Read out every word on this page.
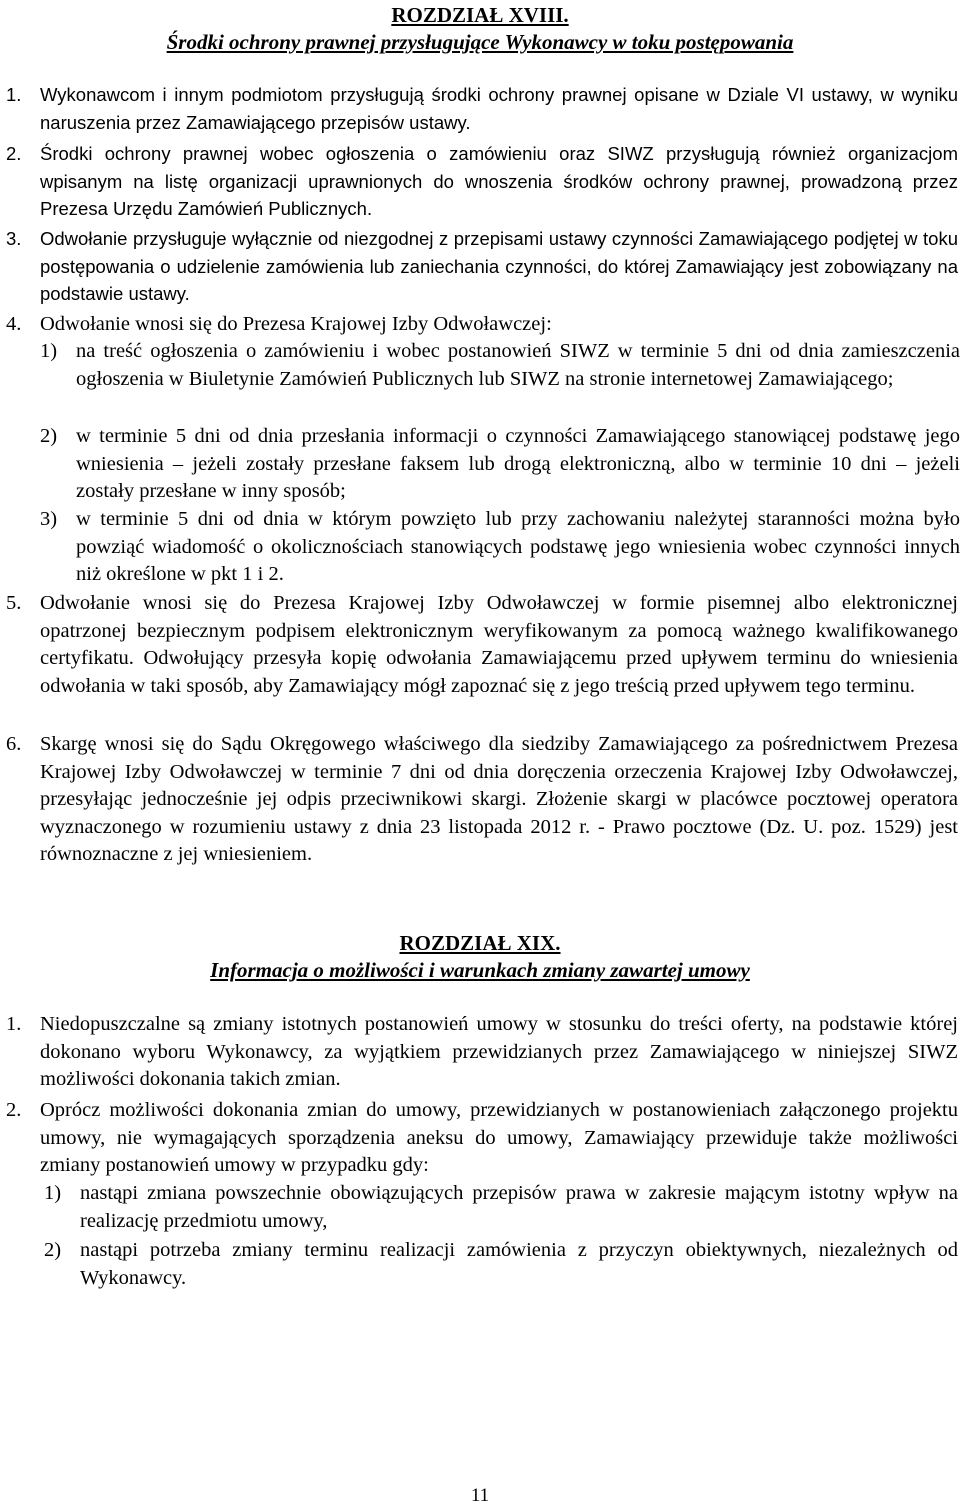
ROZDZIAŁ XVIII.
Środki ochrony prawnej przysługujące Wykonawcy w toku postępowania
1. Wykonawcom i innym podmiotom przysługują środki ochrony prawnej opisane w Dziale VI ustawy, w wyniku naruszenia przez Zamawiającego przepisów ustawy.
2. Środki ochrony prawnej wobec ogłoszenia o zamówieniu oraz SIWZ przysługują również organizacjom wpisanym na listę organizacji uprawnionych do wnoszenia środków ochrony prawnej, prowadzoną przez Prezesa Urzędu Zamówień Publicznych.
3. Odwołanie przysługuje wyłącznie od niezgodnej z przepisami ustawy czynności Zamawiającego podjętej w toku postępowania o udzielenie zamówienia lub zaniechania czynności, do której Zamawiający jest zobowiązany na podstawie ustawy.
4. Odwołanie wnosi się do Prezesa Krajowej Izby Odwoławczej:
1) na treść ogłoszenia o zamówieniu i wobec postanowień SIWZ w terminie 5 dni od dnia zamieszczenia ogłoszenia w Biuletynie Zamówień Publicznych lub SIWZ na stronie internetowej Zamawiającego;
2) w terminie 5 dni od dnia przesłania informacji o czynności Zamawiającego stanowiącej podstawę jego wniesienia – jeżeli zostały przesłane faksem lub drogą elektroniczną, albo w terminie 10 dni – jeżeli zostały przesłane w inny sposób;
3) w terminie 5 dni od dnia w którym powzięto lub przy zachowaniu należytej staranności można było powziąć wiadomość o okolicznościach stanowiących podstawę jego wniesienia wobec czynności innych niż określone w pkt 1 i 2.
5. Odwołanie wnosi się do Prezesa Krajowej Izby Odwoławczej w formie pisemnej albo elektronicznej opatrzonej bezpiecznym podpisem elektronicznym weryfikowanym za pomocą ważnego kwalifikowanego certyfikatu. Odwołujący przesyła kopię odwołania Zamawiającemu przed upływem terminu do wniesienia odwołania w taki sposób, aby Zamawiający mógł zapoznać się z jego treścią przed upływem tego terminu.
6. Skargę wnosi się do Sądu Okręgowego właściwego dla siedziby Zamawiającego za pośrednictwem Prezesa Krajowej Izby Odwoławczej w terminie 7 dni od dnia doręczenia orzeczenia Krajowej Izby Odwoławczej, przesyłając jednocześnie jej odpis przeciwnikowi skargi. Złożenie skargi w placówce pocztowej operatora wyznaczonego w rozumieniu ustawy z dnia 23 listopada 2012 r. - Prawo pocztowe (Dz. U. poz. 1529) jest równoznaczne z jej wniesieniem.
ROZDZIAŁ XIX.
Informacja o możliwości i warunkach zmiany zawartej umowy
1. Niedopuszczalne są zmiany istotnych postanowień umowy w stosunku do treści oferty, na podstawie której dokonano wyboru Wykonawcy, za wyjątkiem przewidzianych przez Zamawiającego w niniejszej SIWZ możliwości dokonania takich zmian.
2. Oprócz możliwości dokonania zmian do umowy, przewidzianych w postanowieniach załączonego projektu umowy, nie wymagających sporządzenia aneksu do umowy, Zamawiający przewiduje także możliwości zmiany postanowień umowy w przypadku gdy:
1) nastąpi zmiana powszechnie obowiązujących przepisów prawa w zakresie mającym istotny wpływ na realizację przedmiotu umowy,
2) nastąpi potrzeba zmiany terminu realizacji zamówienia z przyczyn obiektywnych, niezależnych od Wykonawcy.
11
